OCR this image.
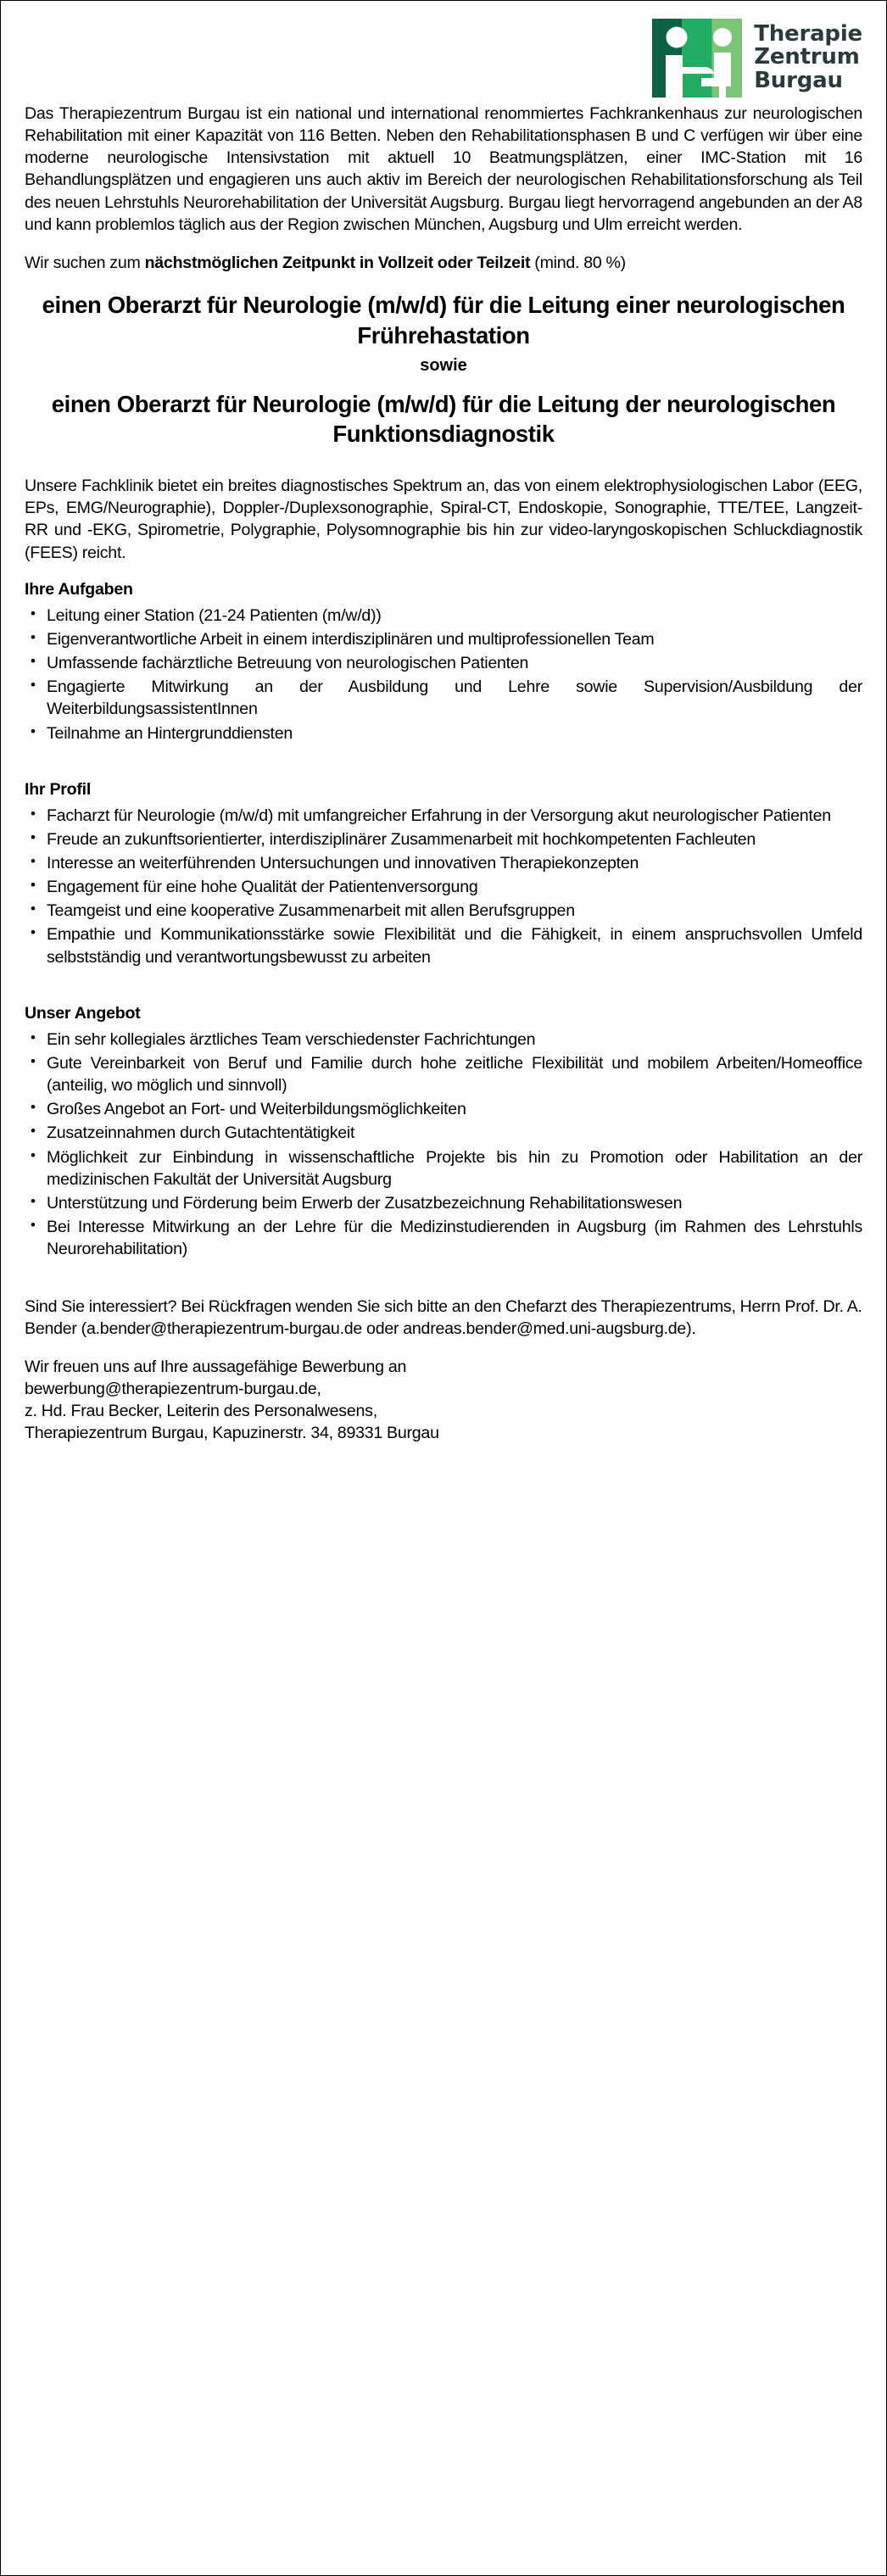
Therapie
Zentrum
Burgau

Das Therapiezentrum Burgau ist ein national und international renommiertes Fachkrankenhaus zur neurologischen Rehabilitation mit einer Kapazität von 116 Betten. Neben den Rehabilitationsphasen B und C verfügen wir über eine moderne neurologische Intensivstation mit aktuell 10 Beatmungsplätzen, einer IMC-Station mit 16 Behandlungsplätzen und engagieren uns auch aktiv im Bereich der neurologischen Rehabilitationsforschung als Teil des neuen Lehrstuhls Neurorehabilitation der Universität Augsburg. Burgau liegt hervorragend angebunden an der A8 und kann problemlos täglich aus der Region zwischen München, Augsburg und Ulm erreicht werden.

Wir suchen zum nächstmöglichen Zeitpunkt in Vollzeit oder Teilzeit (mind. 80 %)

einen Oberarzt für Neurologie (m/w/d) für die Leitung einer neurologischen Frührehastation
sowie
einen Oberarzt für Neurologie (m/w/d) für die Leitung der neurologischen Funktionsdiagnostik

Unsere Fachklinik bietet ein breites diagnostisches Spektrum an, das von einem elektrophysiologischen Labor (EEG, EPs, EMG/Neurographie), Doppler-/Duplexsonographie, Spiral-CT, Endoskopie, Sonographie, TTE/TEE, Langzeit-RR und -EKG, Spirometrie, Polygraphie, Polysomnographie bis hin zur video-laryngoskopischen Schluckdiagnostik (FEES) reicht.

Ihre Aufgaben
• Leitung einer Station (21-24 Patienten (m/w/d))
• Eigenverantwortliche Arbeit in einem interdisziplinären und multiprofessionellen Team
• Umfassende fachärztliche Betreuung von neurologischen Patienten
• Engagierte Mitwirkung an der Ausbildung und Lehre sowie Supervision/Ausbildung der WeiterbildungsassistentInnen
• Teilnahme an Hintergrunddiensten
Ihr Profil
• Facharzt für Neurologie (m/w/d) mit umfangreicher Erfahrung in der Versorgung akut neurologischer Patienten
• Freude an zukunftsorientierter, interdisziplinärer Zusammenarbeit mit hochkompetenten Fachleuten
• Interesse an weiterführenden Untersuchungen und innovativen Therapiekonzepten
• Engagement für eine hohe Qualität der Patientenversorgung
• Teamgeist und eine kooperative Zusammenarbeit mit allen Berufsgruppen
• Empathie und Kommunikationsstärke sowie Flexibilität und die Fähigkeit, in einem anspruchsvollen Umfeld selbstständig und verantwortungsbewusst zu arbeiten
Unser Angebot
• Ein sehr kollegiales ärztliches Team verschiedenster Fachrichtungen
• Gute Vereinbarkeit von Beruf und Familie durch hohe zeitliche Flexibilität und mobilem Arbeiten/Homeoffice (anteilig, wo möglich und sinnvoll)
• Großes Angebot an Fort- und Weiterbildungsmöglichkeiten
• Zusatzeinnahmen durch Gutachtentätigkeit
• Möglichkeit zur Einbindung in wissenschaftliche Projekte bis hin zu Promotion oder Habilitation an der medizinischen Fakultät der Universität Augsburg
• Unterstützung und Förderung beim Erwerb der Zusatzbezeichnung Rehabilitationswesen
• Bei Interesse Mitwirkung an der Lehre für die Medizinstudierenden in Augsburg (im Rahmen des Lehrstuhls Neurorehabilitation)

Sind Sie interessiert? Bei Rückfragen wenden Sie sich bitte an den Chefarzt des Therapiezentrums, Herrn Prof. Dr. A. Bender (a.bender@therapiezentrum-burgau.de oder andreas.bender@med.uni-augsburg.de).

Wir freuen uns auf Ihre aussagefähige Bewerbung an
bewerbung@therapiezentrum-burgau.de,
z. Hd. Frau Becker, Leiterin des Personalwesens,
Therapiezentrum Burgau, Kapuzinerstr. 34, 89331 Burgau
